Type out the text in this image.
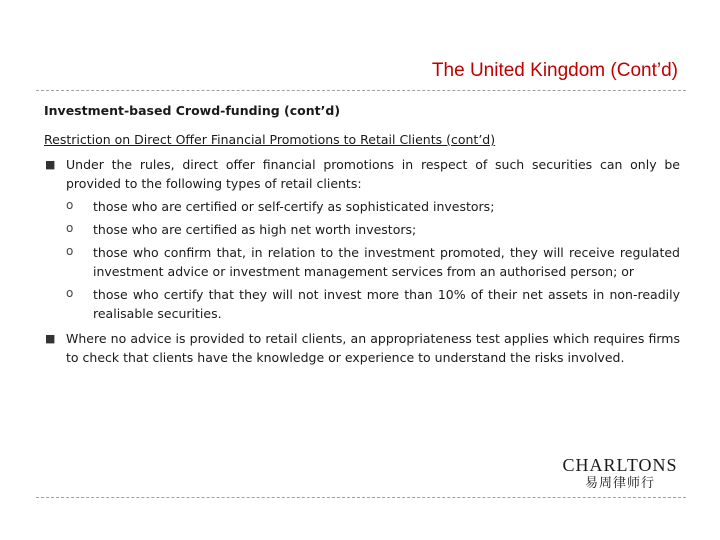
The United Kingdom (Cont’d)
Investment-based Crowd-funding (cont’d)
Restriction on Direct Offer Financial Promotions to Retail Clients (cont’d)
■ Under the rules, direct offer financial promotions in respect of such securities can only be provided to the following types of retail clients:
o those who are certified or self-certify as sophisticated investors;
o those who are certified as high net worth investors;
o those who confirm that, in relation to the investment promoted, they will receive regulated investment advice or investment management services from an authorised person; or
o those who certify that they will not invest more than 10% of their net assets in non-readily realisable securities.
■ Where no advice is provided to retail clients, an appropriateness test applies which requires firms to check that clients have the knowledge or experience to understand the risks involved.
CHARLTONS
易周律师行
